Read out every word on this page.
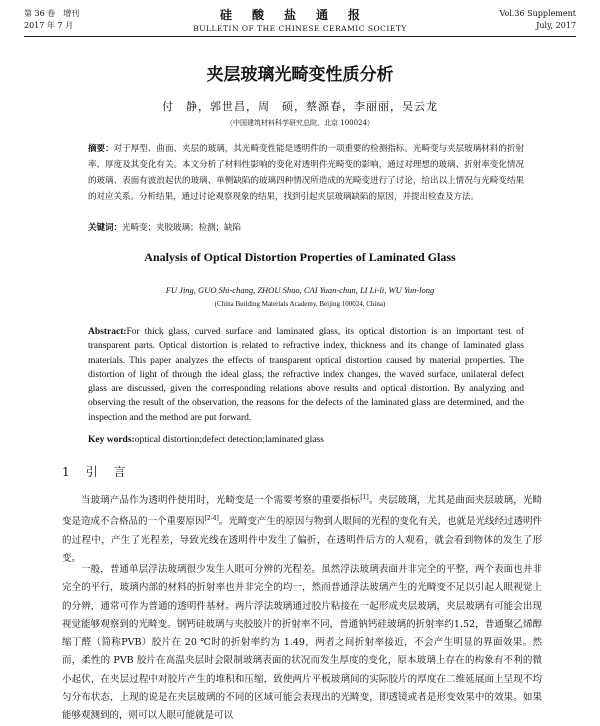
第 36 卷　增刊
2017 年 7 月
硅酸盐通报
BULLETIN OF THE CHINESE CERAMIC SOCIETY
Vol.36 Supplement
July, 2017
夹层玻璃光畸变性质分析
付　静，郭世昌，周　硕，蔡源春，李丽丽，吴云龙
（中国建筑材料科学研究总院，北京 100024）
摘要：对于厚型、曲面、夹层的玻璃，其光畸变性能是透明件的一项重要的检测指标。光畸变与夹层玻璃材料的折射率、厚度及其变化有关。本文分析了材料性影响的变化对透明件光畸变的影响，通过对理想的玻璃、折射率变化情况的玻璃、表面有波浪起伏的玻璃、单侧缺陷的玻璃四种情况所造成的光畸变进行了讨论，给出以上情况与光畸变结果的对应关系。分析结果，通过讨论观察现象的结果，找到引起夹层玻璃缺陷的原因，并提出检查及方法。
关键词：光畸变；夹胶玻璃；检测；缺陷
Analysis of Optical Distortion Properties of Laminated Glass
FU Jing, GUO Shi-chang, ZHOU Shuo, CAI Yuan-chun, LI Li-li, WU Yun-long
(China Building Materials Academy, Beijing 100024, China)
Abstract:For thick glass, curved surface and laminated glass, its optical distortion is an important test of transparent parts. Optical distortion is related to refractive index, thickness and its change of laminated glass materials. This paper analyzes the effects of transparent optical distortion caused by material properties. The distortion of light of through the ideal glass, the refractive index changes, the waved surface, unilateral defect glass are discussed, given the corresponding relations above results and optical distortion. By analyzing and observing the result of the observation, the reasons for the defects of the laminated glass are determined, and the inspection and the method are put forward.
Key words:optical distortion;defect detection;laminated glass
1 引　言
当玻璃产品作为透明件使用时，光畸变是一个需要考察的重要指标[1]。夹层玻璃，尤其是曲面夹层玻璃，光畸变是造成不合格品的一个重要原因[2-4]。光畸变产生的原因与物到人眼间的光程的变化有关，也就是光线经过透明件的过程中，产生了光程差，导致光线在透明件中发生了偏折，在透明件后方的人观看，就会看到物体的发生了形变。
一般，普通单层浮法玻璃很少发生人眼可分辨的光程差。虽然浮法玻璃表面并非完全的平整，两个表面也并非完全的平行，玻璃内部的材料的折射率也并非完全的均一，然而普通浮法玻璃产生的光畸变不足以引起人眼视觉上的分辨，通常可作为普通的透明件基材。两片浮法玻璃通过胶片粘接在一起形成夹层玻璃，夹层玻璃有可能会出现视觉能够观察到的光畸变。钢钙硅玻璃与夹胶胶片的折射率不同，普通钠钙硅玻璃的折射率约1.52，普通聚乙烯醇缩丁醛（简称PVB）胶片在 20 ℃时的折射率约为 1.49，两者之间折射率接近，不会产生明显的界面效果。然而，柔性的 PVB 胶片在高温夹层时会限制玻璃表面的状况而发生厚度的变化，原本玻璃上存在的构象有不利的微小起伏，在夹层过程中对胶片产生的堆积和压缩，致使两片平板玻璃间的实际胶片的厚度在二维延展面上呈现不均匀分布状态，上现的说是在夹层玻璃的不同的区域可能会表现出的光畸变，即透镜或者是形变效果中的效果。如果能够观测到的，则可以人眼可能就是可以
